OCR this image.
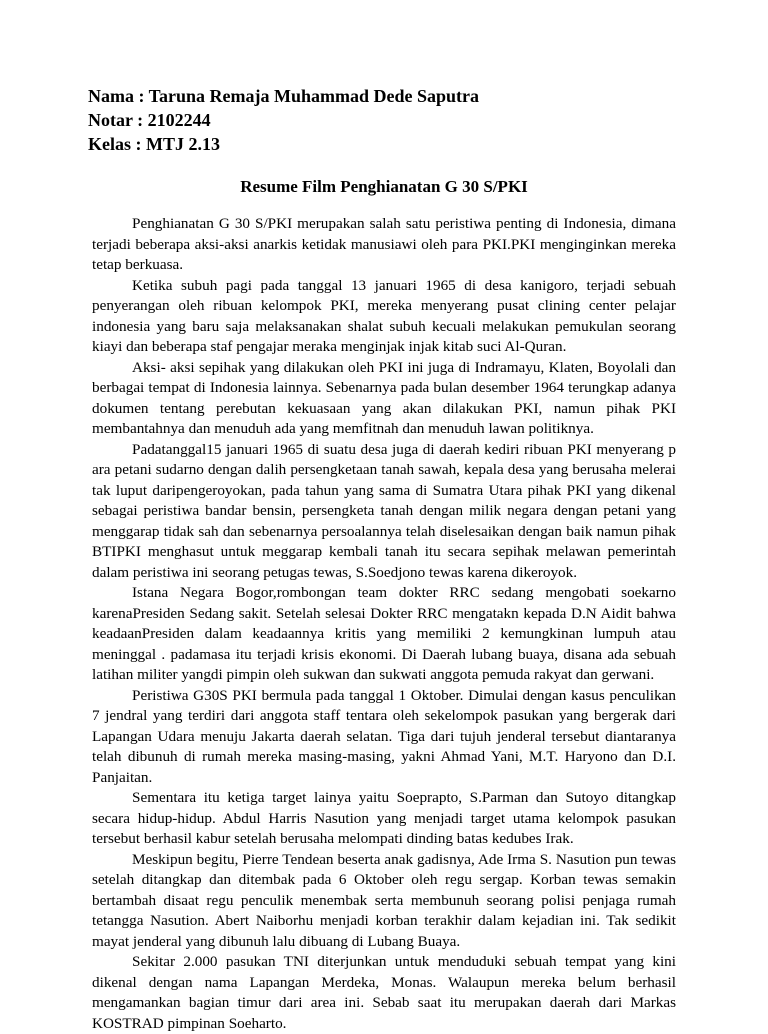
Nama : Taruna Remaja Muhammad Dede Saputra
Notar : 2102244
Kelas : MTJ 2.13
Resume Film Penghianatan G 30 S/PKI

Penghianatan G 30 S/PKI merupakan salah satu peristiwa penting di Indonesia, dimana terjadi beberapa aksi-aksi anarkis ketidak manusiawi oleh para PKI.PKI menginginkan mereka tetap berkuasa.

Ketika subuh pagi pada tanggal 13 januari 1965 di desa kanigoro, terjadi sebuah penyerangan oleh ribuan kelompok PKI, mereka menyerang pusat clining center pelajar indonesia yang baru saja melaksanakan shalat subuh kecuali melakukan pemukulan seorang kiayi dan beberapa staf pengajar meraka menginjak injak kitab suci Al-Quran.

Aksi- aksi sepihak yang dilakukan oleh PKI ini juga di Indramayu, Klaten, Boyolali dan berbagai tempat di Indonesia lainnya. Sebenarnya pada bulan desember 1964 terungkap adanya dokumen tentang perebutan kekuasaan yang akan dilakukan PKI, namun pihak PKI membantahnya dan menuduh ada yang memfitnah dan menuduh lawan politiknya.

Padatanggal15 januari 1965 di suatu desa juga di daerah kediri ribuan PKI menyerang p ara petani sudarno dengan dalih persengketaan tanah sawah, kepala desa yang berusaha melerai tak luput daripengeroyokan, pada tahun yang sama di Sumatra Utara pihak PKI yang dikenal sebagai peristiwa bandar bensin, persengketa tanah dengan milik negara dengan petani yang menggarap tidak sah dan sebenarnya persoalannya telah diselesaikan dengan baik namun pihak BTIPKI menghasut untuk meggarap kembali tanah itu secara sepihak melawan pemerintah dalam peristiwa ini seorang petugas tewas, S.Soedjono tewas karena dikeroyok.

Istana Negara Bogor,rombongan team dokter RRC sedang mengobati soekarno karenaPresiden Sedang sakit. Setelah selesai Dokter RRC mengatakn kepada D.N Aidit bahwa keadaanPresiden dalam keadaannya kritis yang memiliki 2 kemungkinan lumpuh atau meninggal . padamasa itu terjadi krisis ekonomi. Di Daerah lubang buaya, disana ada sebuah latihan militer yangdi pimpin oleh sukwan dan sukwati anggota pemuda rakyat dan gerwani.

Peristiwa G30S PKI bermula pada tanggal 1 Oktober. Dimulai dengan kasus penculikan 7 jendral yang terdiri dari anggota staff tentara oleh sekelompok pasukan yang bergerak dari Lapangan Udara menuju Jakarta daerah selatan. Tiga dari tujuh jenderal tersebut diantaranya telah dibunuh di rumah mereka masing-masing, yakni Ahmad Yani, M.T. Haryono dan D.I. Panjaitan.

Sementara itu ketiga target lainya yaitu Soeprapto, S.Parman dan Sutoyo ditangkap secara hidup-hidup. Abdul Harris Nasution yang menjadi target utama kelompok pasukan tersebut berhasil kabur setelah berusaha melompati dinding batas kedubes Irak.

Meskipun begitu, Pierre Tendean beserta anak gadisnya, Ade Irma S. Nasution pun tewas setelah ditangkap dan ditembak pada 6 Oktober oleh regu sergap. Korban tewas semakin bertambah disaat regu penculik menembak serta membunuh seorang polisi penjaga rumah tetangga Nasution. Abert Naiborhu menjadi korban terakhir dalam kejadian ini. Tak sedikit mayat jenderal yang dibunuh lalu dibuang di Lubang Buaya.

Sekitar 2.000 pasukan TNI diterjunkan untuk menduduki sebuah tempat yang kini dikenal dengan nama Lapangan Merdeka, Monas. Walaupun mereka belum berhasil mengamankan bagian timur dari area ini. Sebab saat itu merupakan daerah dari Markas KOSTRAD pimpinan Soeharto.
